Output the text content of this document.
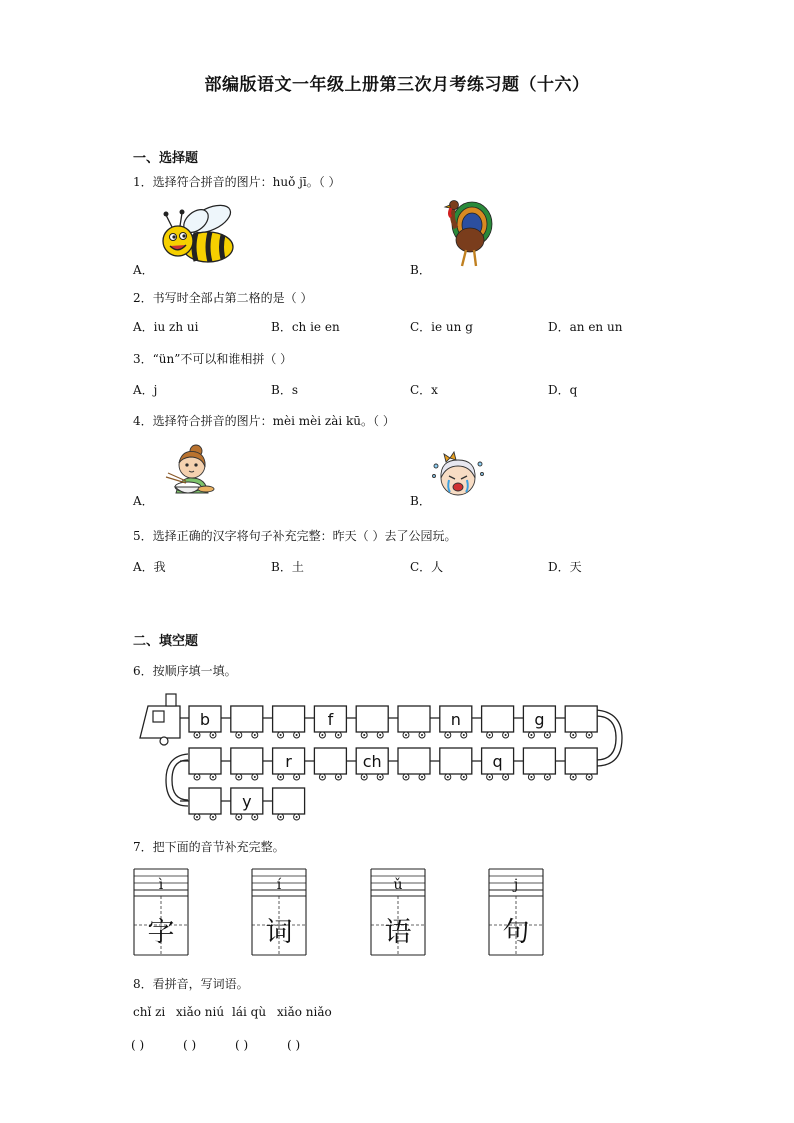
部编版语文一年级上册第三次月考练习题（十六）
一、选择题
1．选择符合拼音的图片：huǒ jī。（ ）
A．	B．
2．书写时全部占第二格的是（ ）
A．iu zh ui	B．ch ie en	C．ie un g	D．an en un
3．“ün”不可以和谁相拼（ ）
A．j	B．s	C．x	D．q
4．选择符合拼音的图片：mèi mèi zài kū。（ ）
A．	B．
5．选择正确的汉字将句子补充完整：昨天（ ）去了公园玩。
A．我	B．土	C．人	D．天
二、填空题
6．按顺序填一填。
b	f	n	g
r	ch	q
y
7．把下面的音节补充完整。
ì
字
í
词
ǔ
语
j
句
8．看拼音，写词语。
chǐ zi xiǎo niú lái qù xiǎo niǎo
( )	( )	( )	( )
